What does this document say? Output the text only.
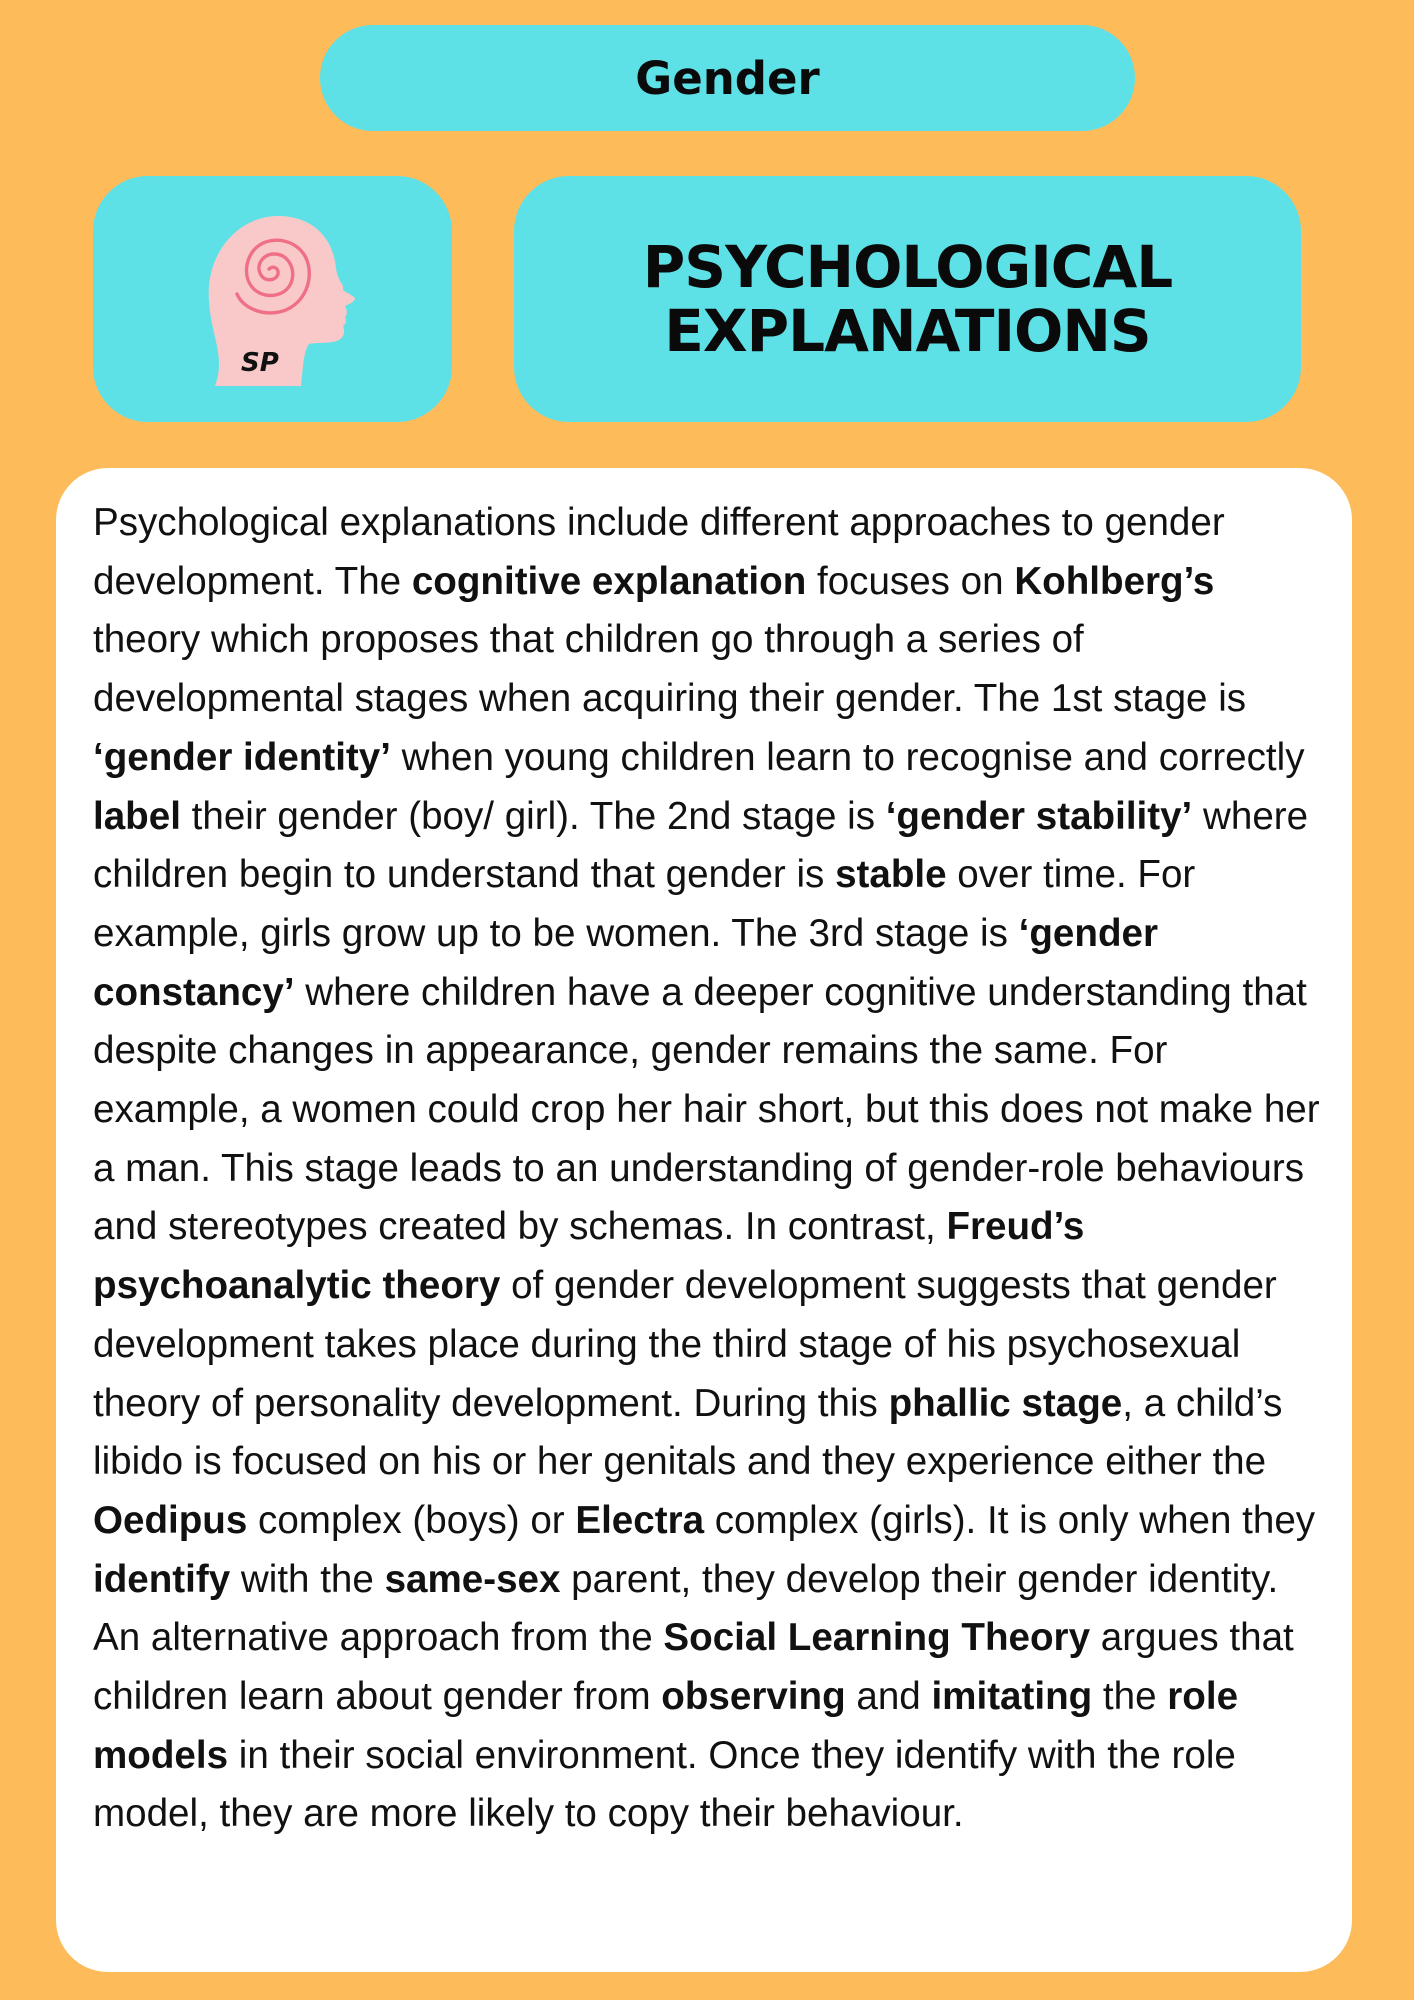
Gender
SP
PSYCHOLOGICAL
EXPLANATIONS

Psychological explanations include different approaches to gender development. The cognitive explanation focuses on Kohlberg’s theory which proposes that children go through a series of developmental stages when acquiring their gender. The 1st stage is ‘gender identity’ when young children learn to recognise and correctly label their gender (boy/ girl). The 2nd stage is ‘gender stability’ where children begin to understand that gender is stable over time. For example, girls grow up to be women. The 3rd stage is ‘gender constancy’ where children have a deeper cognitive understanding that despite changes in appearance, gender remains the same. For example, a women could crop her hair short, but this does not make her a man. This stage leads to an understanding of gender-role behaviours and stereotypes created by schemas. In contrast, Freud’s psychoanalytic theory of gender development suggests that gender development takes place during the third stage of his psychosexual theory of personality development. During this phallic stage, a child’s libido is focused on his or her genitals and they experience either the Oedipus complex (boys) or Electra complex (girls). It is only when they identify with the same-sex parent, they develop their gender identity. An alternative approach from the Social Learning Theory argues that children learn about gender from observing and imitating the role models in their social environment. Once they identify with the role model, they are more likely to copy their behaviour.
